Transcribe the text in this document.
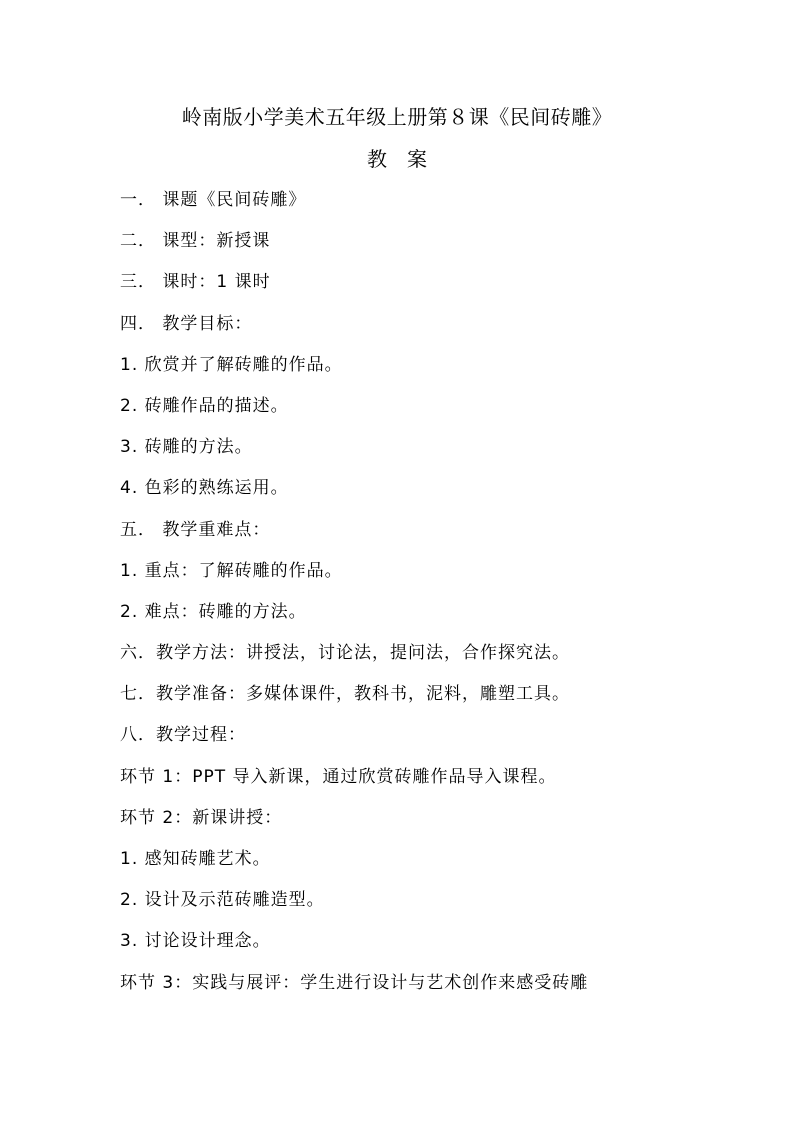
岭南版小学美术五年级上册第８课《民间砖雕》
教　案
一． 课题《民间砖雕》
二． 课型：新授课
三． 课时：1 课时
四． 教学目标：
1. 欣赏并了解砖雕的作品。
2. 砖雕作品的描述。
3. 砖雕的方法。
4. 色彩的熟练运用。
五． 教学重难点：
1. 重点：了解砖雕的作品。
2. 难点：砖雕的方法。
六．教学方法：讲授法，讨论法，提问法，合作探究法。
七．教学准备：多媒体课件，教科书，泥料，雕塑工具。
八．教学过程：
环节 1：PPT 导入新课，通过欣赏砖雕作品导入课程。
环节 2：新课讲授：
1. 感知砖雕艺术。
2. 设计及示范砖雕造型。
3. 讨论设计理念。
环节 3：实践与展评：学生进行设计与艺术创作来感受砖雕
